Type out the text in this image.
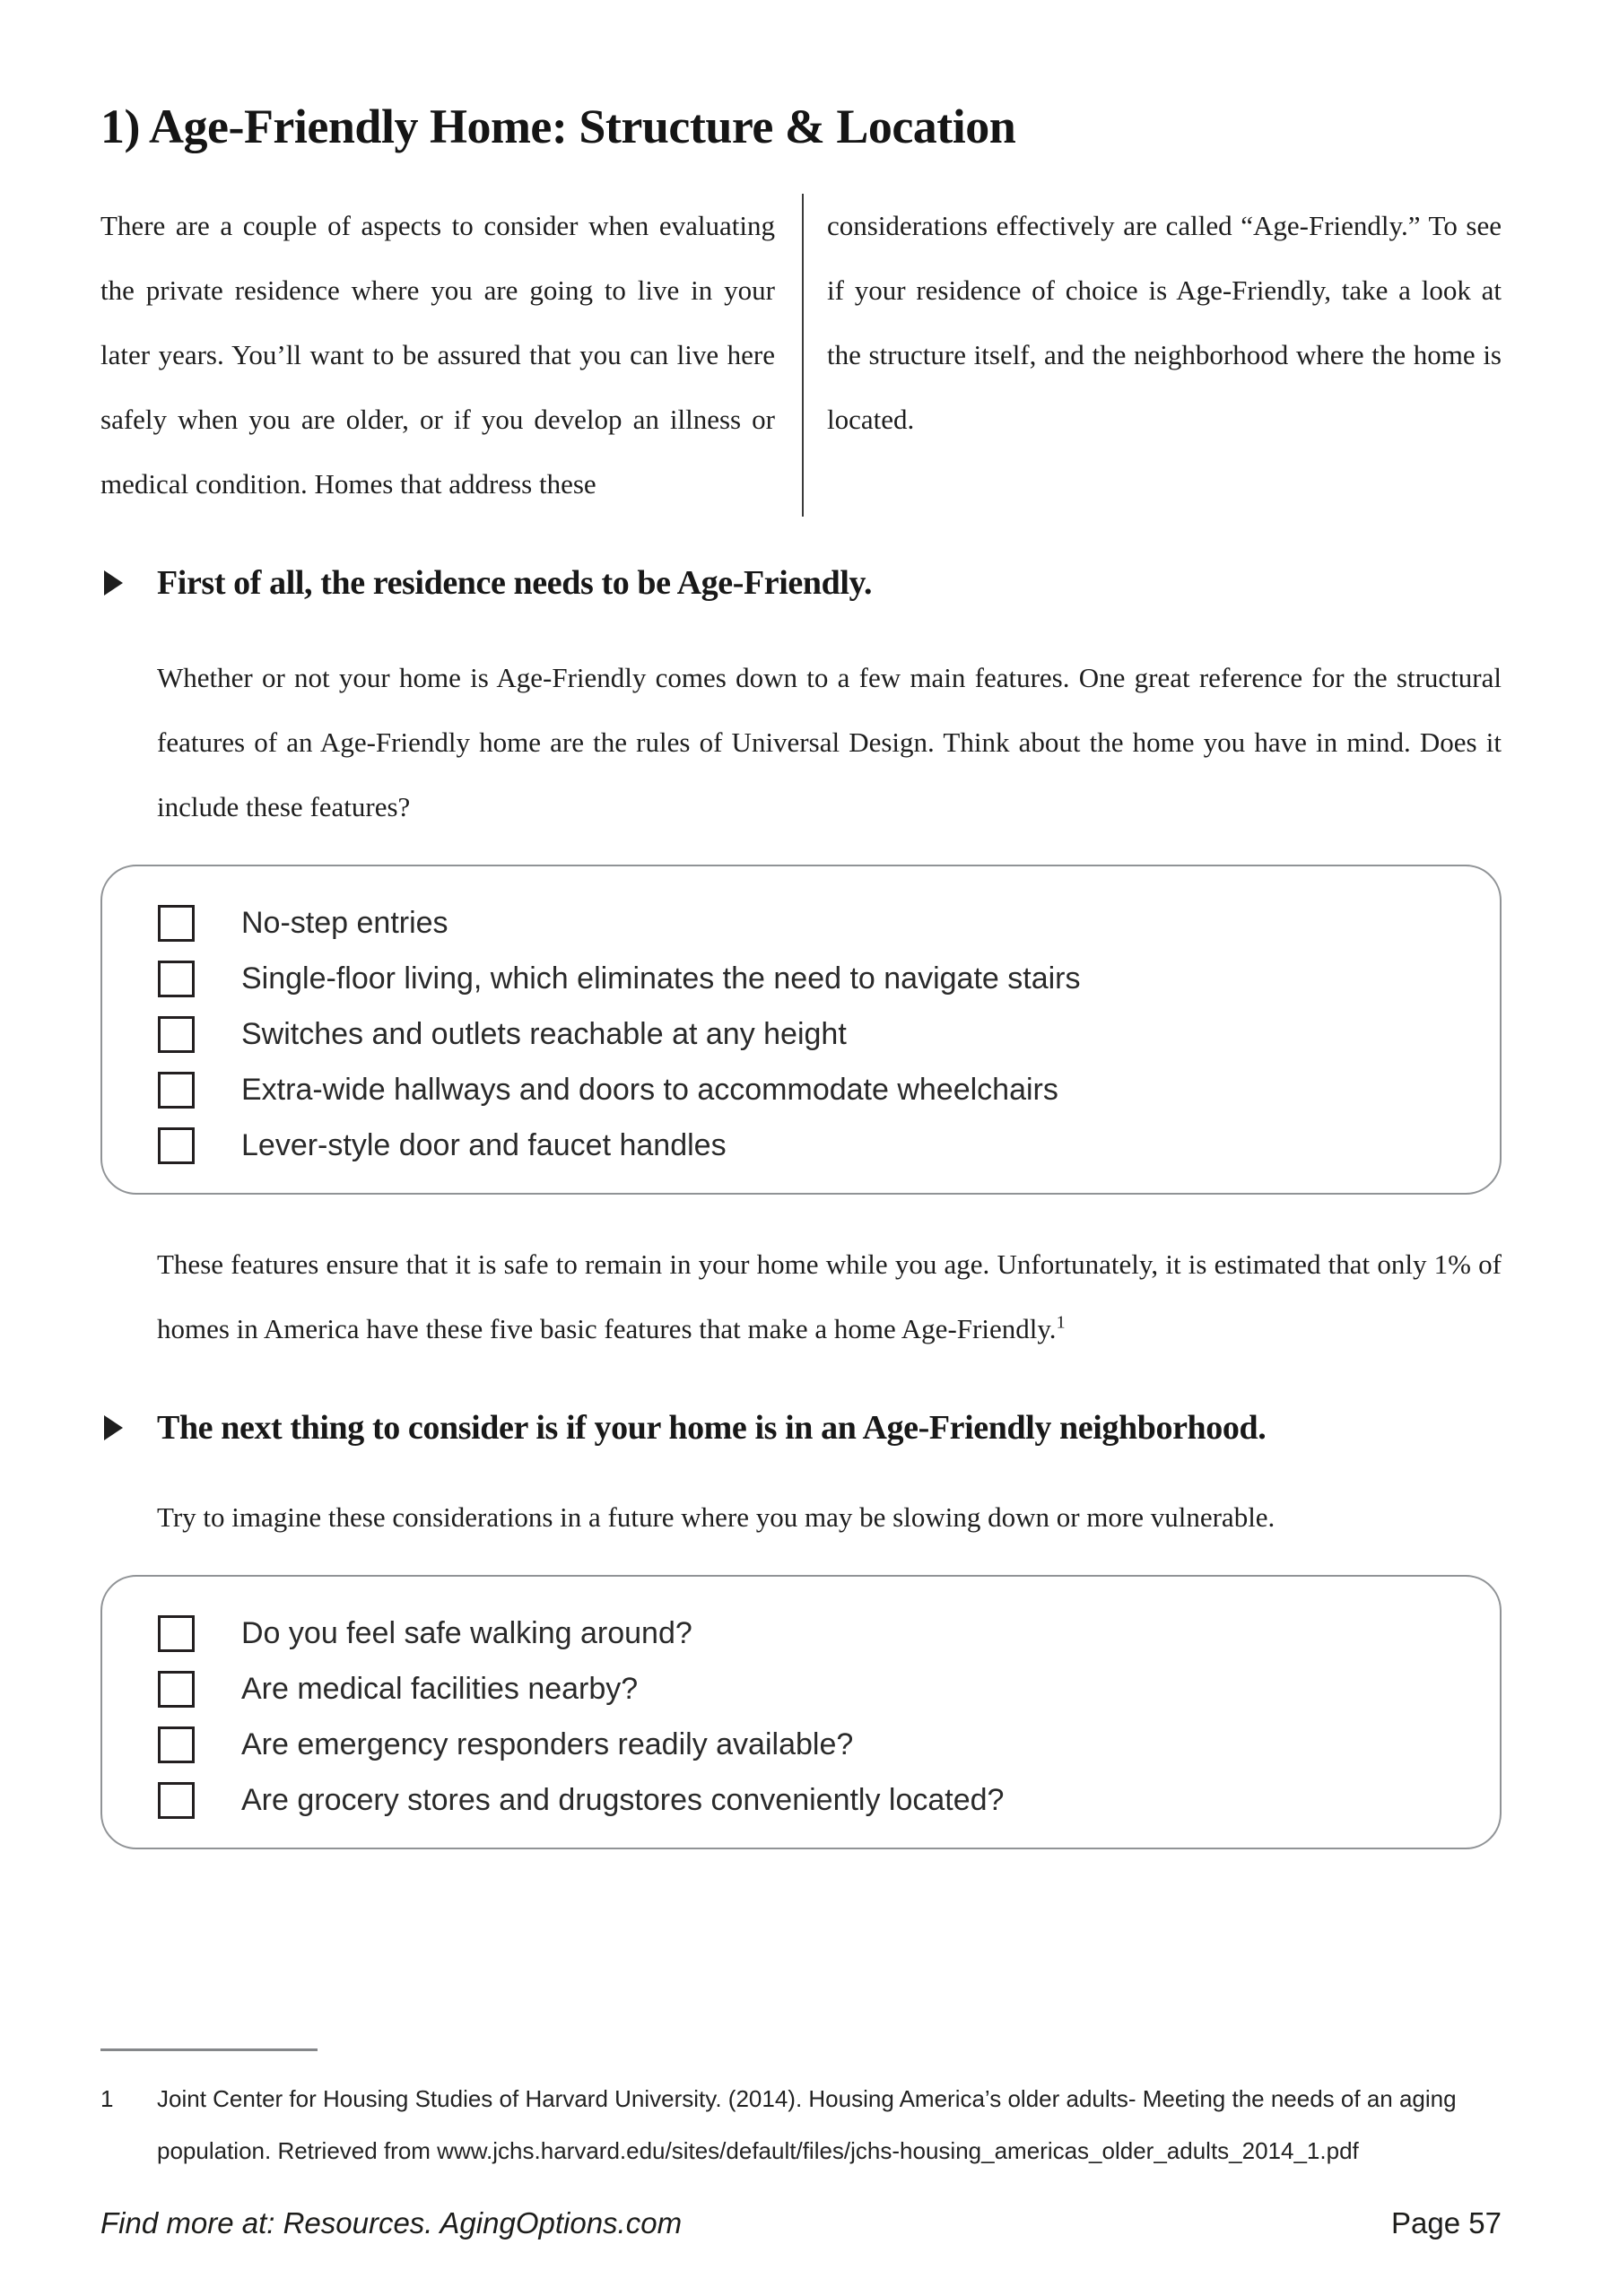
1) Age-Friendly Home: Structure & Location
There are a couple of aspects to consider when evaluating the private residence where you are going to live in your later years. You’ll want to be assured that you can live here safely when you are older, or if you develop an illness or medical condition. Homes that address these
considerations effectively are called “Age-Friendly.” To see if your residence of choice is Age-Friendly, take a look at the structure itself, and the neighborhood where the home is located.
First of all, the residence needs to be Age-Friendly.

Whether or not your home is Age-Friendly comes down to a few main features. One great reference for the structural features of an Age-Friendly home are the rules of Universal Design. Think about the home you have in mind. Does it include these features?

No-step entries
Single-floor living, which eliminates the need to navigate stairs
Switches and outlets reachable at any height
Extra-wide hallways and doors to accommodate wheelchairs
Lever-style door and faucet handles

These features ensure that it is safe to remain in your home while you age. Unfortunately, it is estimated that only 1% of homes in America have these five basic features that make a home Age-Friendly.$^1$

The next thing to consider is if your home is in an Age-Friendly neighborhood.

Try to imagine these considerations in a future where you may be slowing down or more vulnerable.

Do you feel safe walking around?
Are medical facilities nearby?
Are emergency responders readily available?
Are grocery stores and drugstores conveniently located?
1	Joint Center for Housing Studies of Harvard University. (2014). Housing America’s older adults- Meeting the needs of an aging population. Retrieved from www.jchs.harvard.edu/sites/default/files/jchs-housing_americas_older_adults_2014_1.pdf
Find more at: Resources. AgingOptions.com	Page 57
